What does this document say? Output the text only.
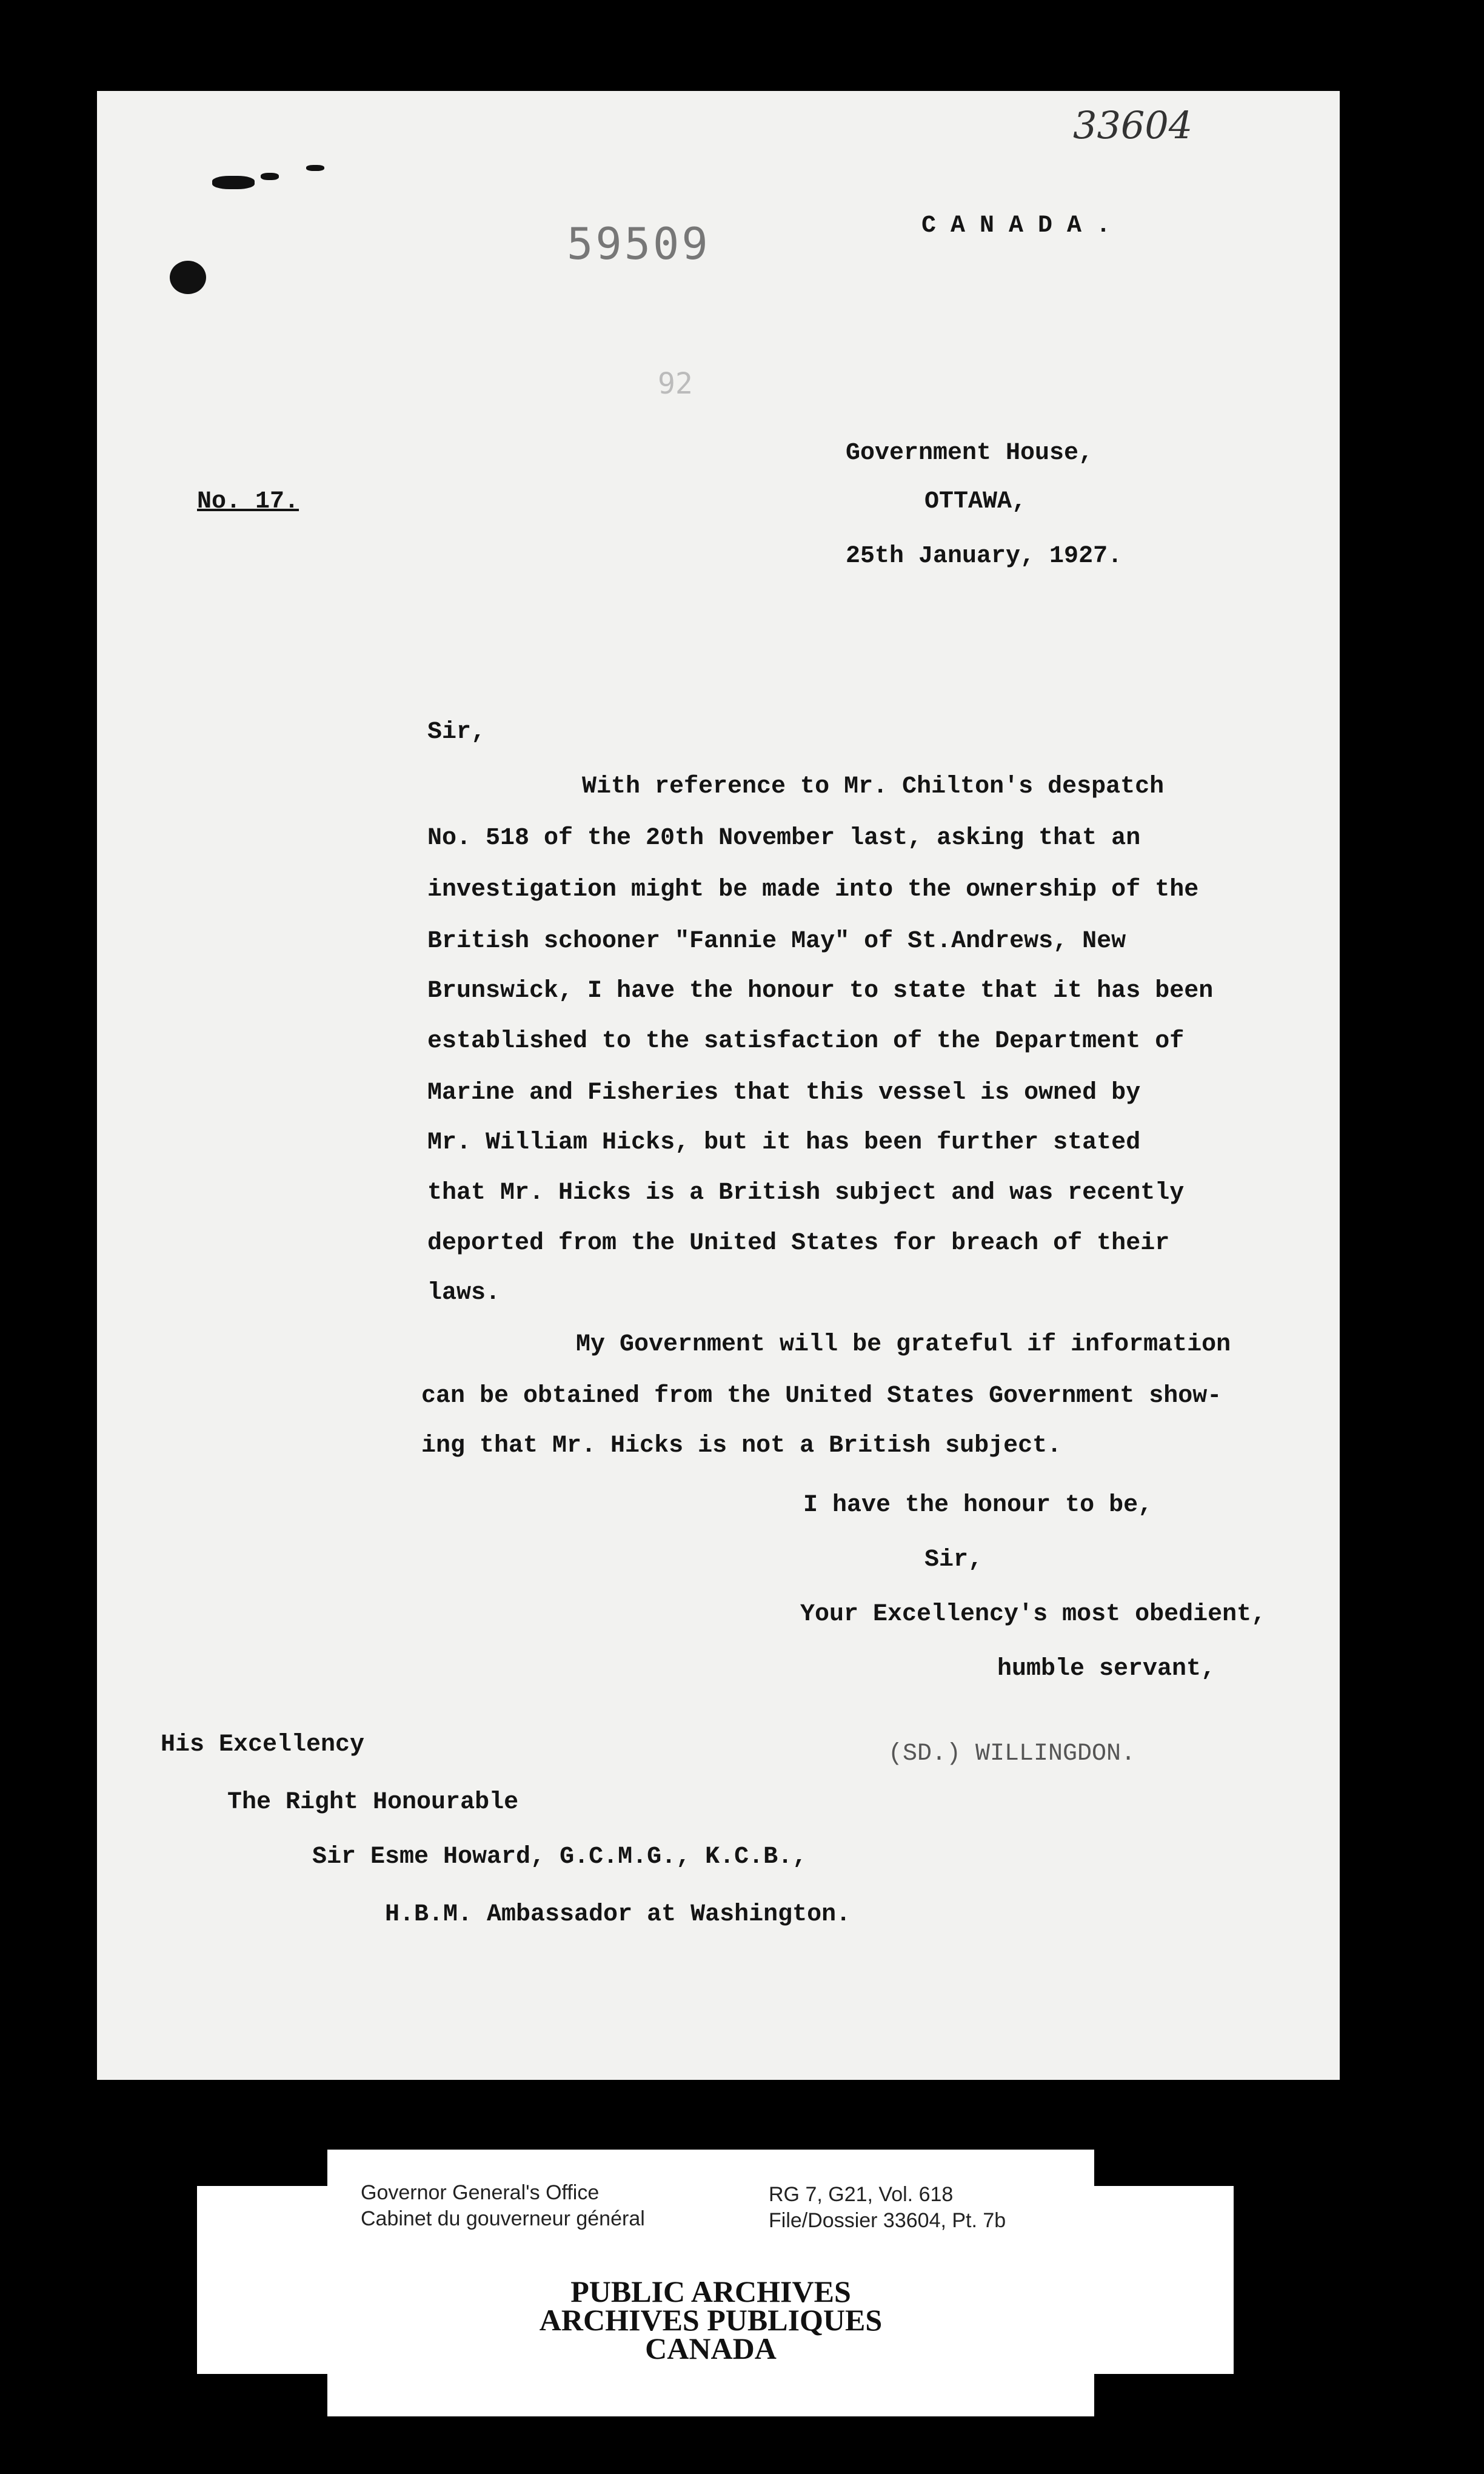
33604
59509
92
C A N A D A .
No. 17.
Government House,
OTTAWA,
25th January, 1927.
Sir,
With reference to Mr. Chilton's despatch
No. 518 of the 20th November last, asking that an
investigation might be made into the ownership of the
British schooner "Fannie May" of St.Andrews, New
Brunswick, I have the honour to state that it has been
established to the satisfaction of the Department of
Marine and Fisheries that this vessel is owned by
Mr. William Hicks, but it has been further stated
that Mr. Hicks is a British subject and was recently
deported from the United States for breach of their
laws.
My Government will be grateful if information
can be obtained from the United States Government show-
ing that Mr. Hicks is not a British subject.
I have the honour to be,
Sir,
Your Excellency's most obedient,
humble servant,
(SD.) WILLINGDON.
His Excellency
The Right Honourable
Sir Esme Howard, G.C.M.G., K.C.B.,
H.B.M. Ambassador at Washington.
Governor General's Office
Cabinet du gouverneur général
RG 7, G21, Vol. 618
File/Dossier 33604, Pt. 7b
PUBLIC ARCHIVES
ARCHIVES PUBLIQUES
CANADA
